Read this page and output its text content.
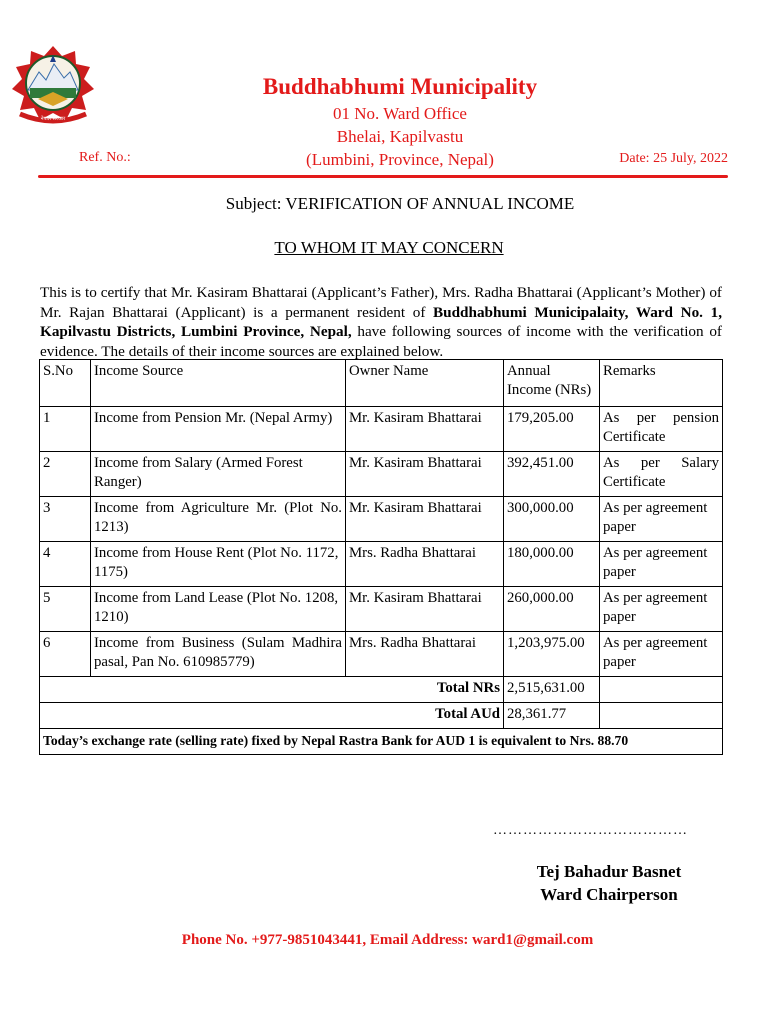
नेपाल सरकार
Buddhabhumi Municipality
01 No. Ward Office
Bhelai, Kapilvastu
(Lumbini, Province, Nepal)
Ref. No.:	Date: 25 July, 2022
Subject: VERIFICATION OF ANNUAL INCOME
TO WHOM IT MAY CONCERN
This is to certify that Mr. Kasiram Bhattarai (Applicant’s Father), Mrs. Radha Bhattarai (Applicant’s Mother) of Mr. Rajan Bhattarai (Applicant) is a permanent resident of Buddhabhumi Municipalaity, Ward No. 1, Kapilvastu Districts, Lumbini Province, Nepal, have following sources of income with the verification of evidence. The details of their income sources are explained below.
S.No	Income Source	Owner Name	Annual Income (NRs)	Remarks
1	Income from Pension Mr. (Nepal Army)	Mr. Kasiram Bhattarai	179,205.00	As per pension Certificate
2	Income from Salary (Armed Forest Ranger)	Mr. Kasiram Bhattarai	392,451.00	As per Salary Certificate
3	Income from Agriculture Mr. (Plot No. 1213)	Mr. Kasiram Bhattarai	300,000.00	As per agreement paper
4	Income from House Rent (Plot No. 1172, 1175)	Mrs. Radha Bhattarai	180,000.00	As per agreement paper
5	Income from Land Lease (Plot No. 1208, 1210)	Mr. Kasiram Bhattarai	260,000.00	As per agreement paper
6	Income from Business (Sulam Madhira pasal, Pan No. 610985779)	Mrs. Radha Bhattarai	1,203,975.00	As per agreement paper
Total NRs			2,515,631.00	
Total AUd			28,361.77	
Today’s exchange rate (selling rate) fixed by Nepal Rastra Bank for AUD 1 is equivalent to Nrs. 88.70				
…………………………………
Tej Bahadur Basnet
Ward Chairperson
Phone No. +977-9851043441, Email Address: ward1@gmail.com
